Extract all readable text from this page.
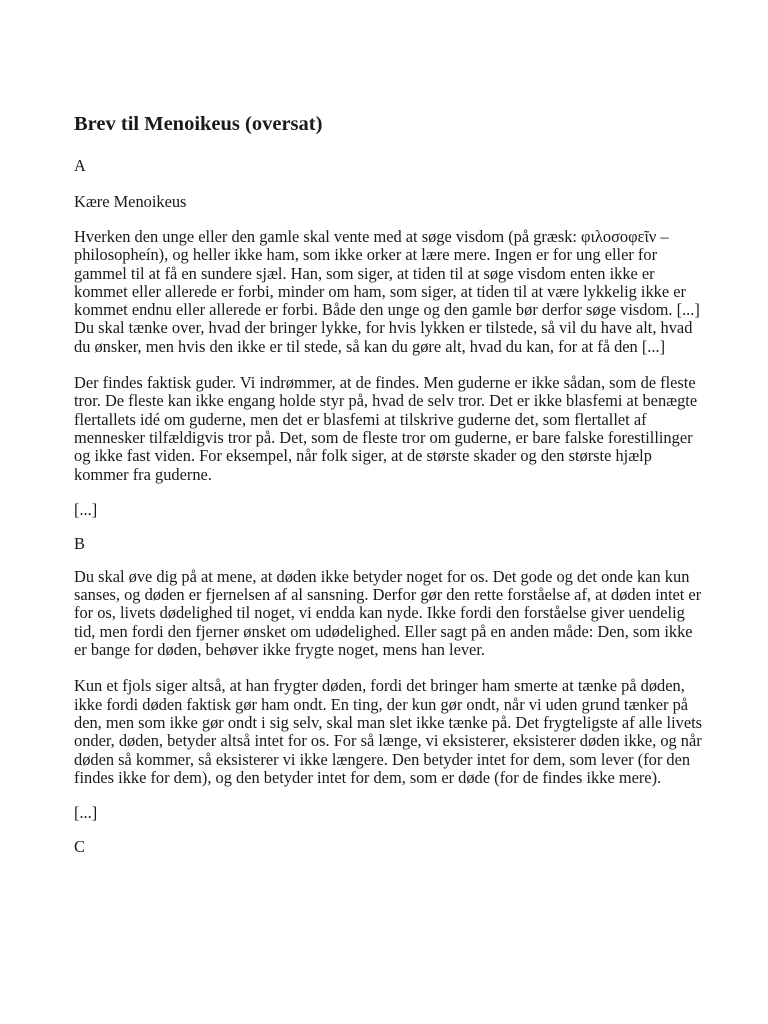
Brev til Menoikeus (oversat)

A

Kære Menoikeus

Hverken den unge eller den gamle skal vente med at søge visdom (på græsk: φιλοσοφεῖν – philosopheín), og heller ikke ham, som ikke orker at lære mere. Ingen er for ung eller for gammel til at få en sundere sjæl. Han, som siger, at tiden til at søge visdom enten ikke er kommet eller allerede er forbi, minder om ham, som siger, at tiden til at være lykkelig ikke er kommet endnu eller allerede er forbi. Både den unge og den gamle bør derfor søge visdom. [...] Du skal tænke over, hvad der bringer lykke, for hvis lykken er tilstede, så vil du have alt, hvad du ønsker, men hvis den ikke er til stede, så kan du gøre alt, hvad du kan, for at få den [...]

Der findes faktisk guder. Vi indrømmer, at de findes. Men guderne er ikke sådan, som de fleste tror. De fleste kan ikke engang holde styr på, hvad de selv tror. Det er ikke blasfemi at benægte flertallets idé om guderne, men det er blasfemi at tilskrive guderne det, som flertallet af mennesker tilfældigvis tror på. Det, som de fleste tror om guderne, er bare falske forestillinger og ikke fast viden. For eksempel, når folk siger, at de største skader og den største hjælp kommer fra guderne.

[...]

B

Du skal øve dig på at mene, at døden ikke betyder noget for os. Det gode og det onde kan kun sanses, og døden er fjernelsen af al sansning. Derfor gør den rette forståelse af, at døden intet er for os, livets dødelighed til noget, vi endda kan nyde. Ikke fordi den forståelse giver uendelig tid, men fordi den fjerner ønsket om udødelighed. Eller sagt på en anden måde: Den, som ikke er bange for døden, behøver ikke frygte noget, mens han lever.

Kun et fjols siger altså, at han frygter døden, fordi det bringer ham smerte at tænke på døden, ikke fordi døden faktisk gør ham ondt. En ting, der kun gør ondt, når vi uden grund tænker på den, men som ikke gør ondt i sig selv, skal man slet ikke tænke på. Det frygteligste af alle livets onder, døden, betyder altså intet for os. For så længe, vi eksisterer, eksisterer døden ikke, og når døden så kommer, så eksisterer vi ikke længere. Den betyder intet for dem, som lever (for den findes ikke for dem), og den betyder intet for dem, som er døde (for de findes ikke mere).

[...]

C
